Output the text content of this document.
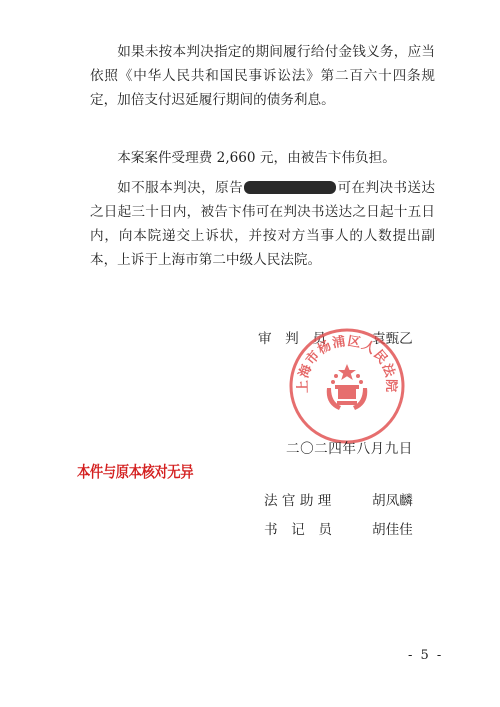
如果未按本判决指定的期间履行给付金钱义务，应当依照《中华人民共和国民事诉讼法》第二百六十四条规定，加倍支付迟延履行期间的债务利息。

本案案件受理费 2,660 元，由被告卞伟负担。

如不服本判决，原告	可在判决书送达之日起三十日内，被告卞伟可在判决书送达之日起十五日内，向本院递交上诉状，并按对方当事人的人数提出副本，上诉于上海市第二中级人民法院。

审　判　员	袁甄乙
上海市杨浦区人民法院
二〇二四年八月九日
本件与原本核对无异
法 官 助 理	胡凤麟
书　记　员	胡佳佳
- 5 -
